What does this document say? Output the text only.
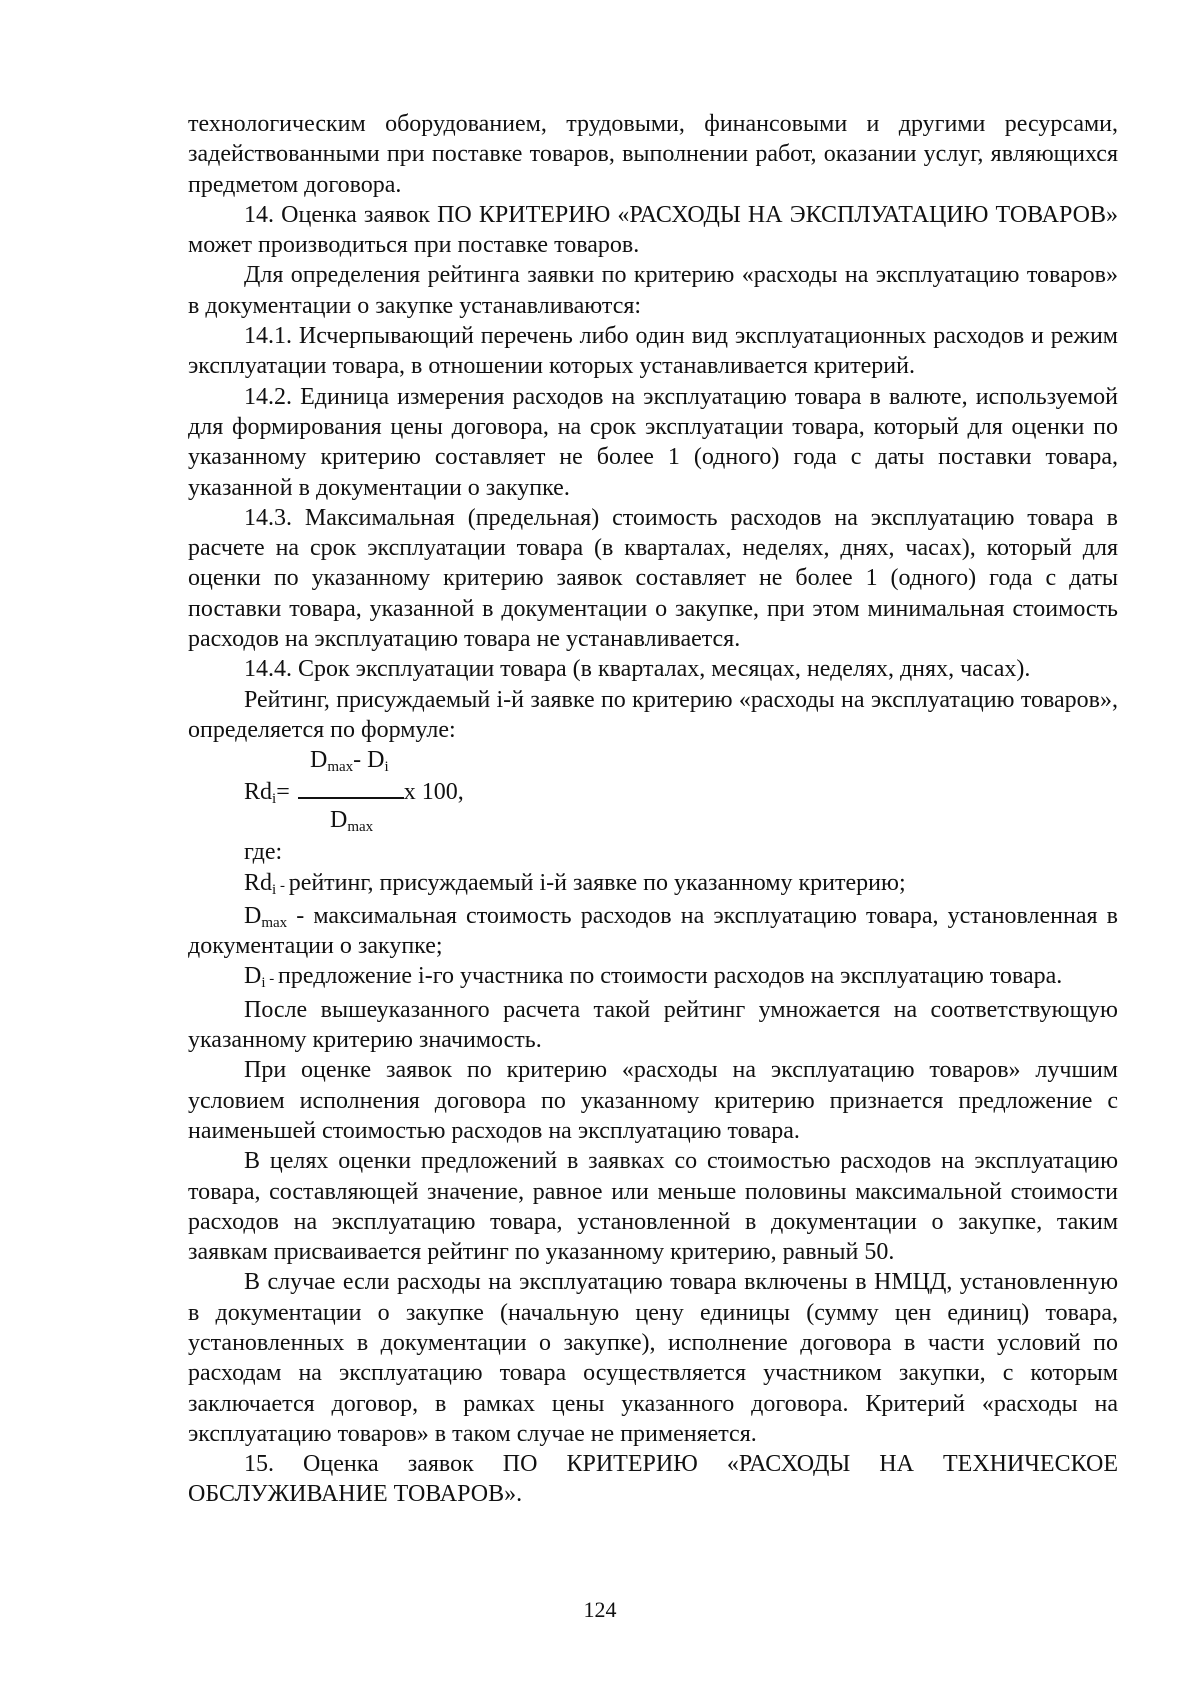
технологическим оборудованием, трудовыми, финансовыми и другими ресурсами, задействованными при поставке товаров, выполнении работ, оказании услуг, являющихся предметом договора.

14. Оценка заявок ПО КРИТЕРИЮ «РАСХОДЫ НА ЭКСПЛУАТАЦИЮ ТОВАРОВ» может производиться при поставке товаров.

Для определения рейтинга заявки по критерию «расходы на эксплуатацию товаров» в документации о закупке устанавливаются:

14.1. Исчерпывающий перечень либо один вид эксплуатационных расходов и режим эксплуатации товара, в отношении которых устанавливается критерий.

14.2. Единица измерения расходов на эксплуатацию товара в валюте, используемой для формирования цены договора, на срок эксплуатации товара, который для оценки по указанному критерию составляет не более 1 (одного) года с даты поставки товара, указанной в документации о закупке.

14.3. Максимальная (предельная) стоимость расходов на эксплуатацию товара в расчете на срок эксплуатации товара (в кварталах, неделях, днях, часах), который для оценки по указанному критерию заявок составляет не более 1 (одного) года с даты поставки товара, указанной в документации о закупке, при этом минимальная стоимость расходов на эксплуатацию товара не устанавливается.

14.4. Срок эксплуатации товара (в кварталах, месяцах, неделях, днях, часах).

Рейтинг, присуждаемый i-й заявке по критерию «расходы на эксплуатацию товаров», определяется по формуле:

$D_{max}-$ $D_i$
$Rd_i=$	x 100,
$D_{max}$

где:

$Rd_i$ - рейтинг, присуждаемый i-й заявке по указанному критерию;

$D_{max}$ - максимальная стоимость расходов на эксплуатацию товара, установленная в документации о закупке;

$D_i$ - предложение i-го участника по стоимости расходов на эксплуатацию товара.

После вышеуказанного расчета такой рейтинг умножается на соответствующую указанному критерию значимость.

При оценке заявок по критерию «расходы на эксплуатацию товаров» лучшим условием исполнения договора по указанному критерию признается предложение с наименьшей стоимостью расходов на эксплуатацию товара.

В целях оценки предложений в заявках со стоимостью расходов на эксплуатацию товара, составляющей значение, равное или меньше половины максимальной стоимости расходов на эксплуатацию товара, установленной в документации о закупке, таким заявкам присваивается рейтинг по указанному критерию, равный 50.

В случае если расходы на эксплуатацию товара включены в НМЦД, установленную в документации о закупке (начальную цену единицы (сумму цен единиц) товара, установленных в документации о закупке), исполнение договора в части условий по расходам на эксплуатацию товара осуществляется участником закупки, с которым заключается договор, в рамках цены указанного договора. Критерий «расходы на эксплуатацию товаров» в таком случае не применяется.

15. Оценка заявок ПО КРИТЕРИЮ «РАСХОДЫ НА ТЕХНИЧЕСКОЕ ОБСЛУЖИВАНИЕ ТОВАРОВ».

124
